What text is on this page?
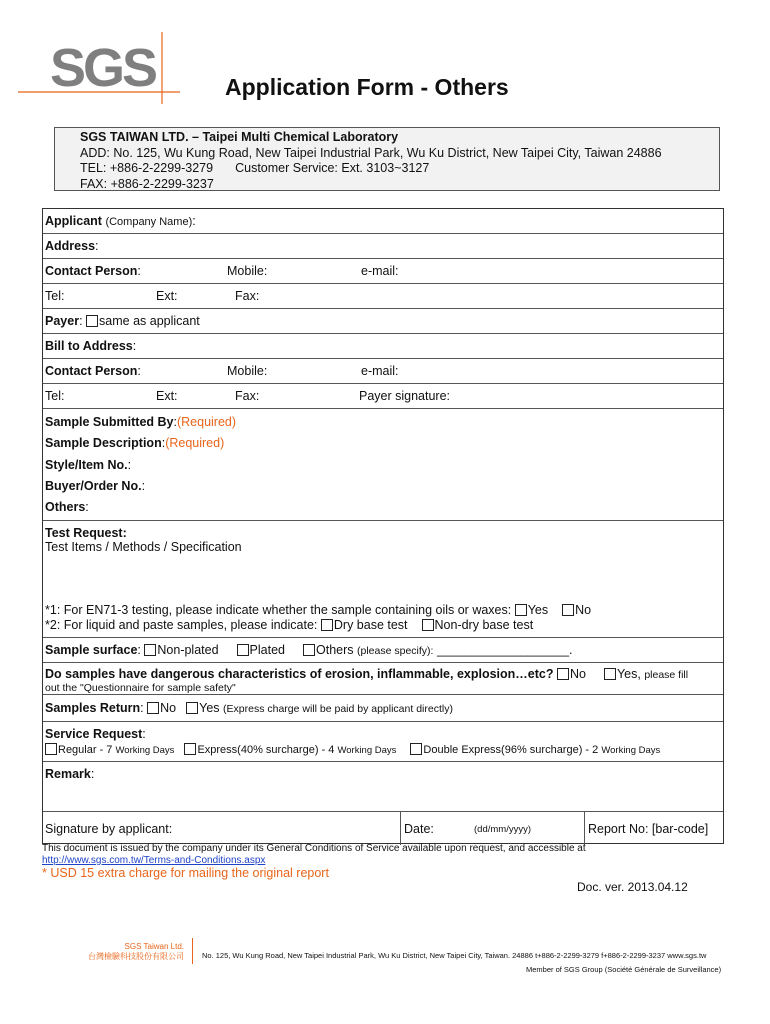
SGS	Application Form - Others
SGS TAIWAN LTD. – Taipei Multi Chemical Laboratory
ADD: No. 125, Wu Kung Road, New Taipei Industrial Park, Wu Ku District, New Taipei City, Taiwan 24886
TEL: +886-2-2299-3279 Customer Service: Ext. 3103~3127
FAX: +886-2-2299-3237
Applicant (Company Name):
Address:
Contact Person:	Mobile:	e-mail:
Tel:	Ext:	Fax:
Payer: same as applicant
Bill to Address:
Contact Person:	Mobile:	e-mail:
Tel:	Ext:	Fax:	Payer signature:
Sample Submitted By:(Required)
Sample Description:(Required)
Style/Item No.:
Buyer/Order No.:
Others:
Test Request:
Test Items / Methods / Specification
*1: For EN71-3 testing, please indicate whether the sample containing oils or waxes: Yes No
*2: For liquid and paste samples, please indicate: Dry base test Non-dry base test
Sample surface: Non-plated Plated Others (please specify): ___________________.
Do samples have dangerous characteristics of erosion, inflammable, explosion…etc? No Yes, please fill
out the "Questionnaire for sample safety"
Samples Return: No Yes (Express charge will be paid by applicant directly)
Service Request:
Regular - 7 Working Days Express(40% surcharge) - 4 Working Days Double Express(96% surcharge) - 2 Working Days
Remark:
Signature by applicant:	Date:	(dd/mm/yyyy)	Report No: [bar-code]
This document is issued by the company under its General Conditions of Service available upon request, and accessible at
http://www.sgs.com.tw/Terms-and-Conditions.aspx
* USD 15 extra charge for mailing the original report
Doc. ver. 2013.04.12
SGS Taiwan Ltd.
台灣檢驗科技股份有限公司 No. 125, Wu Kung Road, New Taipei Industrial Park, Wu Ku District, New Taipei City, Taiwan. 24886 t+886-2-2299-3279 f+886-2-2299-3237 www.sgs.tw
Member of SGS Group (Société Générale de Surveillance)
